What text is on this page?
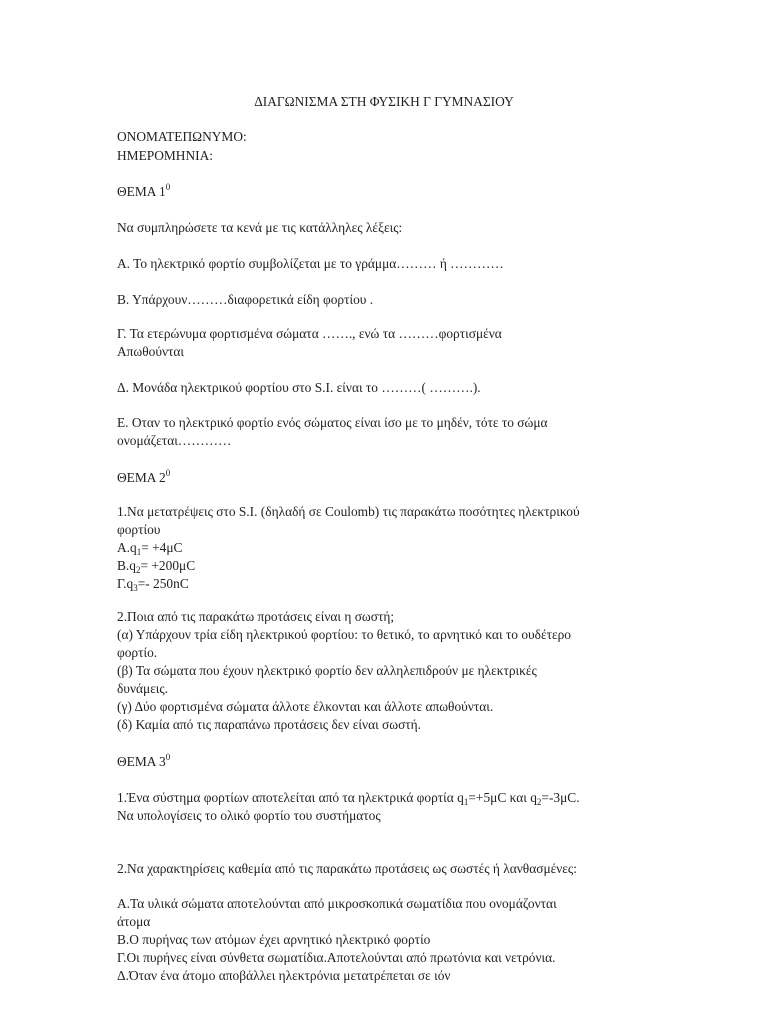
ΔΙΑΓΩΝΙΣΜΑ ΣΤΗ ΦΥΣΙΚΗ Γ ΓΥΜΝΑΣΙΟΥ
ΟΝΟΜΑΤΕΠΩΝΥΜΟ:
ΗΜΕΡΟΜΗΝΙΑ:
ΘΕΜΑ $1^0$
Να συμπληρώσετε τα κενά με τις κατάλληλες λέξεις:
Α. Το ηλεκτρικό φορτίο συμβολίζεται με το γράμμα……… ή …………
Β. Υπάρχουν………διαφορετικά είδη φορτίου .
Γ. Τα ετερώνυμα φορτισμένα σώματα ……., ενώ τα ………φορτισμένα
Απωθούνται
Δ. Μονάδα ηλεκτρικού φορτίου στο S.I. είναι το ………( ……….).
Ε. Οταν το ηλεκτρικό φορτίο ενός σώματος είναι ίσο με το μηδέν, τότε το σώμα
ονομάζεται…………
ΘΕΜΑ $2^0$
1.Να μετατρέψεις στο S.I. (δηλαδή σε Coulomb) τις παρακάτω ποσότητες ηλεκτρικού
φορτίου
$A.q_1= +4\mu C$
$B.q_2= +200\mu C$
$\Gamma.q_3=-$ 250nC
2.Ποια από τις παρακάτω προτάσεις είναι η σωστή;
(α) Υπάρχουν τρία είδη ηλεκτρικού φορτίου: το θετικό, το αρνητικό και το ουδέτερο
φορτίο.
(β) Τα σώματα που έχουν ηλεκτρικό φορτίο δεν αλληλεπιδρούν με ηλεκτρικές
δυνάμεις.
(γ) Δύο φορτισμένα σώματα άλλοτε έλκονται και άλλοτε απωθούνται.
(δ) Καμία από τις παραπάνω προτάσεις δεν είναι σωστή.
ΘΕΜΑ $3^0$
1.Ένα σύστημα φορτίων αποτελείται από τα ηλεκτρικά φορτία $q_1=+5\mu C$ και $q_2=-3\mu C$.
Να υπολογίσεις το ολικό φορτίο του συστήματος
2.Να χαρακτηρίσεις καθεμία από τις παρακάτω προτάσεις ως σωστές ή λανθασμένες:
Α.Τα υλικά σώματα αποτελούνται από μικροσκοπικά σωματίδια που ονομάζονται
άτομα
Β.Ο πυρήνας των ατόμων έχει αρνητικό ηλεκτρικό φορτίο
Γ.Οι πυρήνες είναι σύνθετα σωματίδια.Αποτελούνται από πρωτόνια και νετρόνια.
Δ.Όταν ένα άτομο αποβάλλει ηλεκτρόνια μετατρέπεται σε ιόν
